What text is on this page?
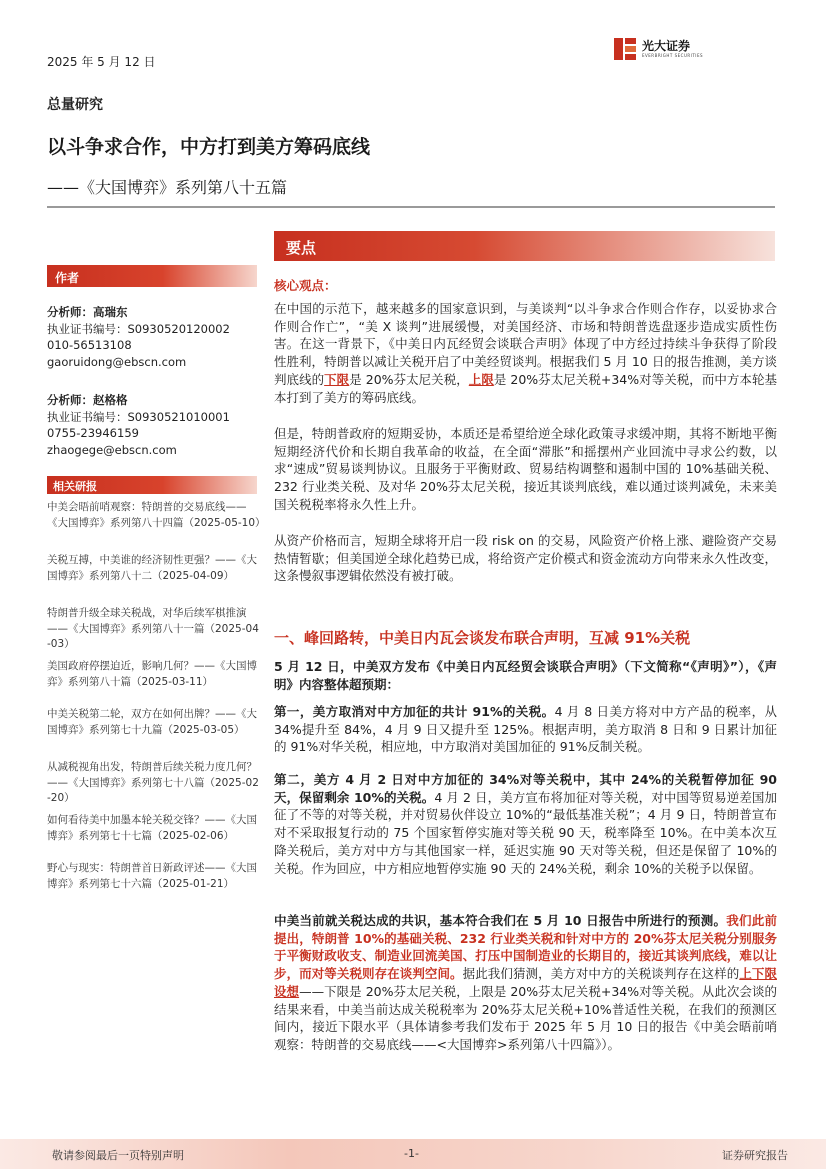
2025 年 5 月 12 日
光大证券
EVERBRIGHT SECURITIES
总量研究
以斗争求合作，中方打到美方筹码底线
——《大国博弈》系列第八十五篇
作者
分析师：高瑞东
执业证书编号：S0930520120002
010-56513108
gaoruidong@ebscn.com
分析师：赵格格
执业证书编号：S0930521010001
0755-23946159
zhaogege@ebscn.com
相关研报
中美会晤前哨观察：特朗普的交易底线——《大国博弈》系列第八十四篇（2025-05-10）
关税互搏，中美谁的经济韧性更强？——《大国博弈》系列第八十二（2025-04-09）
特朗普升级全球关税战，对华后续军棋推演——《大国博弈》系列第八十一篇（2025-04-03）
美国政府停摆迫近，影响几何？——《大国博弈》系列第八十篇（2025-03-11）
中美关税第二轮，双方在如何出牌？——《大国博弈》系列第七十九篇（2025-03-05）
从减税视角出发，特朗普后续关税力度几何？——《大国博弈》系列第七十八篇（2025-02-20）
如何看待美中加墨本轮关税交锋？——《大国博弈》系列第七十七篇（2025-02-06）
野心与现实：特朗普首日新政评述——《大国博弈》系列第七十六篇（2025-01-21）
要点
核心观点：
在中国的示范下，越来越多的国家意识到，与美谈判“以斗争求合作则合作存，以妥协求合作则合作亡”，“美 X 谈判”进展缓慢，对美国经济、市场和特朗普选盘逐步造成实质性伤害。在这一背景下，《中美日内瓦经贸会谈联合声明》体现了中方经过持续斗争获得了阶段性胜利，特朗普以减让关税开启了中美经贸谈判。根据我们 5 月 10 日的报告推测，美方谈判底线的下限是 20%芬太尼关税，上限是 20%芬太尼关税+34%对等关税，而中方本轮基本打到了美方的筹码底线。
但是，特朗普政府的短期妥协，本质还是希望给逆全球化政策寻求缓冲期，其将不断地平衡短期经济代价和长期自我革命的收益，在全面“滞胀”和摇摆州产业回流中寻求公约数，以求“速成”贸易谈判协议。且服务于平衡财政、贸易结构调整和遏制中国的 10%基础关税、232 行业类关税、及对华 20%芬太尼关税，接近其谈判底线，难以通过谈判减免，未来美国关税税率将永久性上升。
从资产价格而言，短期全球将开启一段 risk on 的交易，风险资产价格上涨、避险资产交易热情暂歇；但美国逆全球化趋势已成，将给资产定价模式和资金流动方向带来永久性改变，这条慢叙事逻辑依然没有被打破。
一、峰回路转，中美日内瓦会谈发布联合声明，互减 91%关税
5 月 12 日，中美双方发布《中美日内瓦经贸会谈联合声明》（下文简称“《声明》”），《声明》内容整体超预期：
第一，美方取消对中方加征的共计 91%的关税。4 月 8 日美方将对中方产品的税率，从 34%提升至 84%，4 月 9 日又提升至 125%。根据声明，美方取消 8 日和 9 日累计加征的 91%对华关税，相应地，中方取消对美国加征的 91%反制关税。
第二，美方 4 月 2 日对中方加征的 34%对等关税中，其中 24%的关税暂停加征 90 天，保留剩余 10%的关税。4 月 2 日，美方宣布将加征对等关税，对中国等贸易逆差国加征了不等的对等关税，并对贸易伙伴设立 10%的“最低基准关税”；4 月 9 日，特朗普宣布对不采取报复行动的 75 个国家暂停实施对等关税 90 天，税率降至 10%。在中美本次互降关税后，美方对中方与其他国家一样，延迟实施 90 天对等关税，但还是保留了 10%的关税。作为回应，中方相应地暂停实施 90 天的 24%关税，剩余 10%的关税予以保留。
中美当前就关税达成的共识，基本符合我们在 5 月 10 日报告中所进行的预测。我们此前提出，特朗普 10%的基础关税、232 行业类关税和针对中方的 20%芬太尼关税分别服务于平衡财政收支、制造业回流美国、打压中国制造业的长期目的，接近其谈判底线，难以让步，而对等关税则存在谈判空间。据此我们猜测，美方对中方的关税谈判存在这样的上下限设想——下限是 20%芬太尼关税，上限是 20%芬太尼关税+34%对等关税。从此次会谈的结果来看，中美当前达成关税税率为 20%芬太尼关税+10%普适性关税，在我们的预测区间内，接近下限水平（具体请参考我们发布于 2025 年 5 月 10 日的报告《中美会晤前哨观察：特朗普的交易底线——<大国博弈>系列第八十四篇》）。
敬请参阅最后一页特别声明	-1-	证券研究报告
